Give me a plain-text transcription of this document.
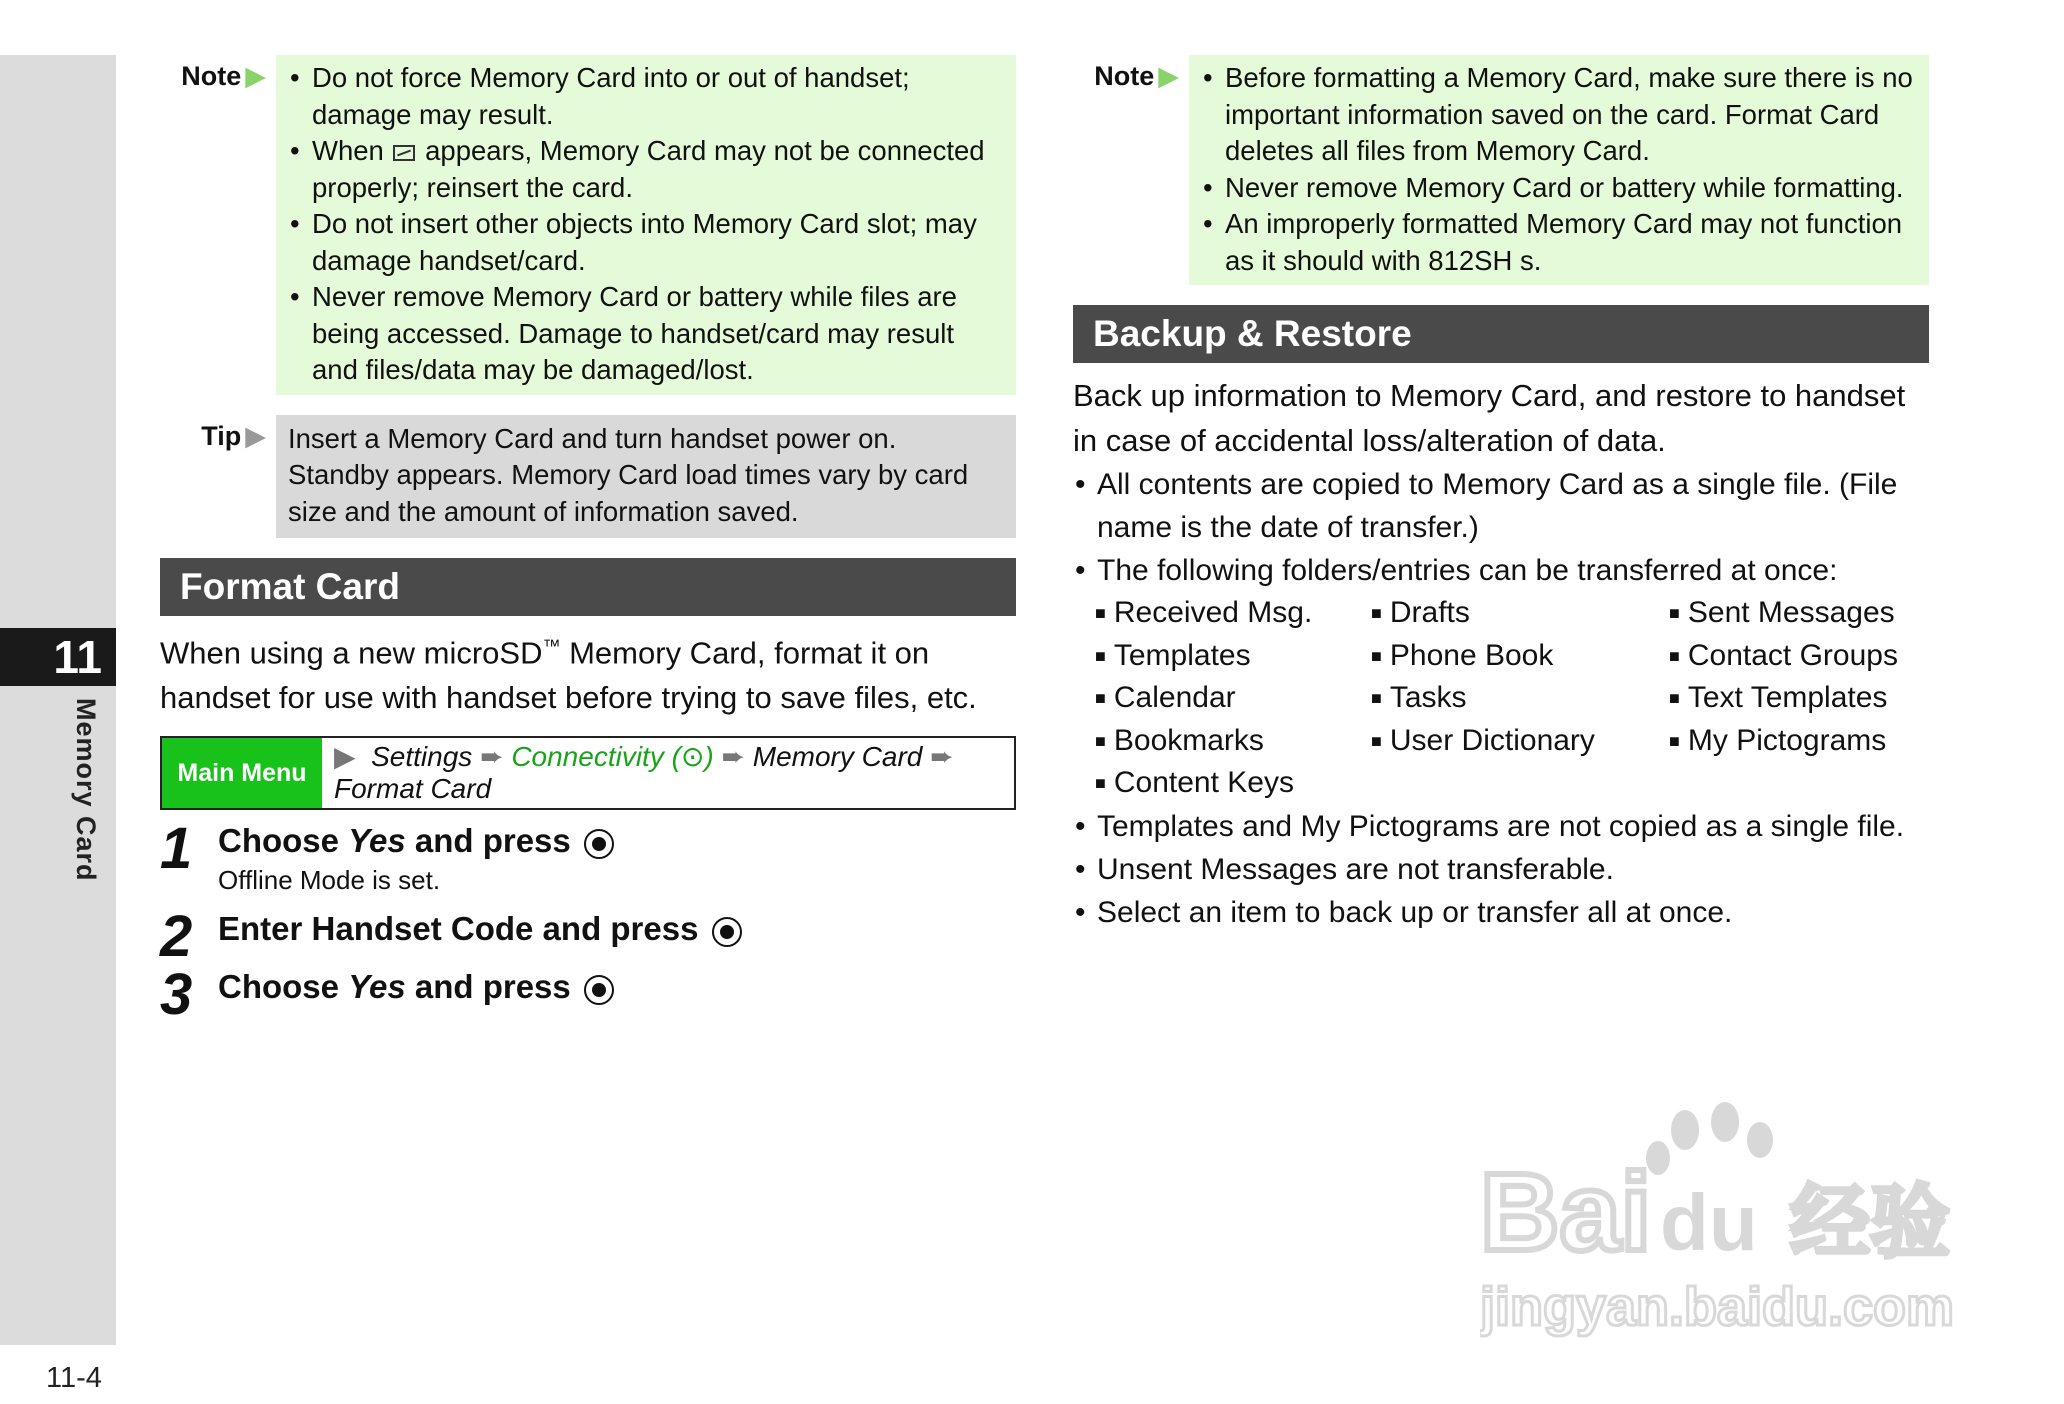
11
Memory Card
11-4
Note ▶	• Do not force Memory Card into or out of handset; damage may result.
• When appears, Memory Card may not be connected properly; reinsert the card.
• Do not insert other objects into Memory Card slot; may damage handset/card.
• Never remove Memory Card or battery while files are being accessed. Damage to handset/card may result and files/data may be damaged/lost.
Tip ▶ Insert a Memory Card and turn handset power on. Standby appears. Memory Card load times vary by card size and the amount of information saved.
Format Card
When using a new microSD™ Memory Card, format it on handset for use with handset before trying to save files, etc.
Main Menu
▶ Settings ➨ Connectivity (⊙) ➨ Memory Card ➨
Format Card
1 Choose Yes and press
Offline Mode is set.
2 Enter Handset Code and press
3 Choose Yes and press
Note ▶	• Before formatting a Memory Card, make sure there is no important information saved on the card. Format Card deletes all files from Memory Card.
• Never remove Memory Card or battery while formatting.
• An improperly formatted Memory Card may not function as it should with 812SH s.
Backup & Restore
Back up information to Memory Card, and restore to handset in case of accidental loss/alteration of data.
• All contents are copied to Memory Card as a single file. (File name is the date of transfer.)
• The following folders/entries can be transferred at once:
■ Received Msg.	■ Drafts	■ Sent Messages
■ Templates	■ Phone Book	■ Contact Groups
■ Calendar	■ Tasks	■ Text Templates
■ Bookmarks	■ User Dictionary	■ My Pictograms
■ Content Keys
• Templates and My Pictograms are not copied as a single file.
• Unsent Messages are not transferable.
• Select an item to back up or transfer all at once.
Bai du 经验
jingyan.baidu.com
